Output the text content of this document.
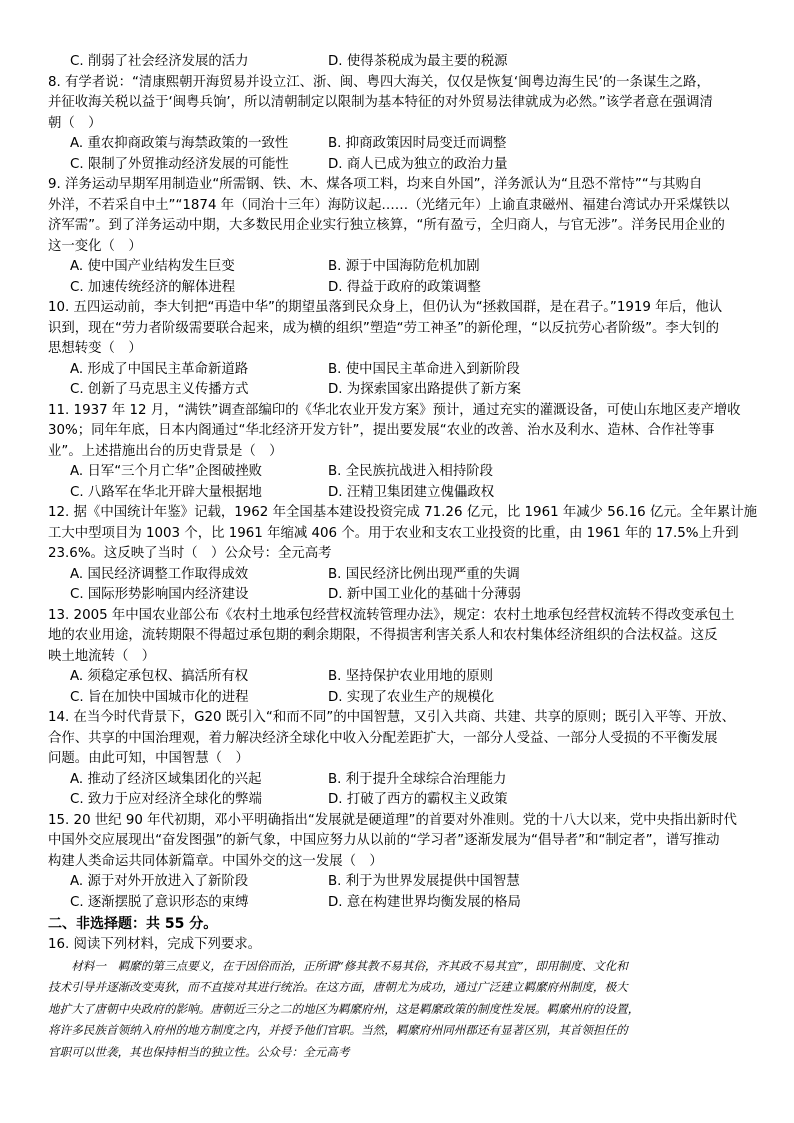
C. 削弱了社会经济发展的活力	D. 使得茶税成为最主要的税源
8. 有学者说：“清康熙朝开海贸易并设立江、浙、闽、粤四大海关，仅仅是恢复‘闽粤边海生民’的一条谋生之路，
并征收海关税以益于‘闽粤兵饷’，所以清朝制定以限制为基本特征的对外贸易法律就成为必然。”该学者意在强调清
朝（　）
A. 重农抑商政策与海禁政策的一致性	B. 抑商政策因时局变迁而调整
C. 限制了外贸推动经济发展的可能性	D. 商人已成为独立的政治力量
9. 洋务运动早期军用制造业“所需钢、铁、木、煤各项工料，均来自外国”，洋务派认为“且恐不常恃”“与其购自
外洋，不若采自中土”“1874 年（同治十三年）海防议起……（光绪元年）上谕直隶磁州、福建台湾试办开采煤铁以
济军需”。到了洋务运动中期，大多数民用企业实行独立核算，“所有盈亏，全归商人，与官无涉”。洋务民用企业的
这一变化（　）
A. 使中国产业结构发生巨变	B. 源于中国海防危机加剧
C. 加速传统经济的解体进程	D. 得益于政府的政策调整
10. 五四运动前，李大钊把“再造中华”的期望虽落到民众身上，但仍认为“拯救国群，是在君子。”1919 年后，他认
识到，现在“劳力者阶级需要联合起来，成为横的组织”塑造“劳工神圣”的新伦理，“以反抗劳心者阶级”。李大钊的
思想转变（　）
A. 形成了中国民主革命新道路	B. 使中国民主革命进入到新阶段
C. 创新了马克思主义传播方式	D. 为探索国家出路提供了新方案
11. 1937 年 12 月，“满铁”调查部编印的《华北农业开发方案》预计，通过充实的灌溉设备，可使山东地区麦产增收
30%；同年年底，日本内阁通过“华北经济开发方针”，提出要发展“农业的改善、治水及利水、造林、合作社等事
业”。上述措施出台的历史背景是（　）
A. 日军“三个月亡华”企图破挫败	B. 全民族抗战进入相持阶段
C. 八路军在华北开辟大量根据地	D. 汪精卫集团建立傀儡政权
12. 据《中国统计年鉴》记载，1962 年全国基本建设投资完成 71.26 亿元，比 1961 年减少 56.16 亿元。全年累计施
工大中型项目为 1003 个，比 1961 年缩减 406 个。用于农业和支农工业投资的比重，由 1961 年的 17.5%上升到
23.6%。这反映了当时（　）公众号：全元高考
A. 国民经济调整工作取得成效	B. 国民经济比例出现严重的失调
C. 国际形势影响国内经济建设	D. 新中国工业化的基础十分薄弱
13. 2005 年中国农业部公布《农村土地承包经营权流转管理办法》，规定：农村土地承包经营权流转不得改变承包土
地的农业用途，流转期限不得超过承包期的剩余期限，不得损害利害关系人和农村集体经济组织的合法权益。这反
映土地流转（　）
A. 须稳定承包权、搞活所有权	B. 坚持保护农业用地的原则
C. 旨在加快中国城市化的进程	D. 实现了农业生产的规模化
14. 在当今时代背景下，G20 既引入“和而不同”的中国智慧，又引入共商、共建、共享的原则；既引入平等、开放、
合作、共享的中国治理观，着力解决经济全球化中收入分配差距扩大，一部分人受益、一部分人受损的不平衡发展
问题。由此可知，中国智慧（　）
A. 推动了经济区域集团化的兴起	B. 利于提升全球综合治理能力
C. 致力于应对经济全球化的弊端	D. 打破了西方的霸权主义政策
15. 20 世纪 90 年代初期，邓小平明确指出“发展就是硬道理”的首要对外准则。党的十八大以来，党中央指出新时代
中国外交应展现出“奋发图强”的新气象，中国应努力从以前的“学习者”逐渐发展为“倡导者”和“制定者”，谱写推动
构建人类命运共同体新篇章。中国外交的这一发展（　）
A. 源于对外开放进入了新阶段	B. 利于为世界发展提供中国智慧
C. 逐渐摆脱了意识形态的束缚	D. 意在构建世界均衡发展的格局
二、非选择题：共 55 分。
16. 阅读下列材料，完成下列要求。
　　材料一　羁縻的第三点要义，在于因俗而治，正所谓“修其教不易其俗，齐其政不易其宜”，即用制度、文化和
技术引导并逐渐改变夷狄，而不直接对其进行统治。在这方面，唐朝尤为成功，通过广泛建立羁縻府州制度，极大
地扩大了唐朝中央政府的影响。唐朝近三分之二的地区为羁縻府州，这是羁縻政策的制度性发展。羁縻州府的设置，
将许多民族首领纳入府州的地方制度之内，并授予他们官职。当然，羁縻府州同州郡还有显著区别，其首领担任的
官职可以世袭，其也保持相当的独立性。公众号：全元高考
